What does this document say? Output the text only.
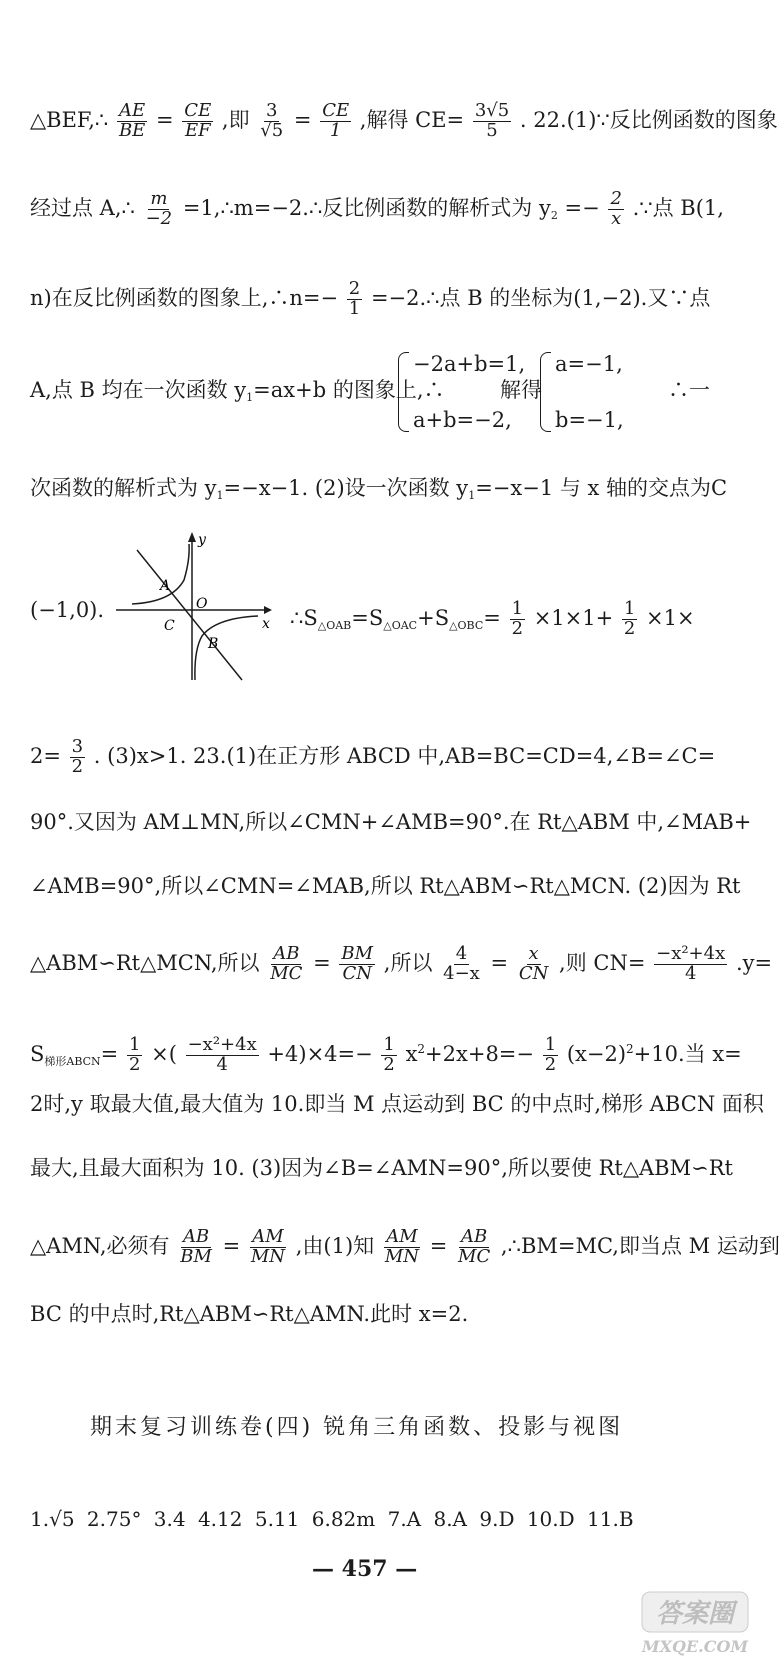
△BEF,∴ $\frac{AE}{BE} = \frac{CE}{EF}$ ,即 $\frac{3}{√5} = \frac{CE}{1}$ ,解得 $CE= \frac{3√5}{5}$ . 22.(1)∵反比例函数的图象
经过点 A,∴ $\frac{m}{-2}$ =1,∴m=−2.∴反比例函数的解析式为 $y_2 =- \frac{2}{x}$ .∵点 B(1,
n)在反比例函数的图象上,∴n=− $\frac{2}{1}$ =−2.∴点 B 的坐标为(1,−2).又∵点
A,点 B 均在一次函数 $y_1=ax+b$ 的图象上,∴
−2a+b=1,
a+b=−2,
解得
a=−1,
b=−1,
∴一
次函数的解析式为 $y_1=-x-1$. (2)设一次函数 $y_1=-x-1$ 与 x 轴的交点为C
y
x
A
O
C
B
(−1,0).	$\therefore S_{\triangle OAB}=S_{\triangle OAC}+S_{\triangle OBC}= \frac{1}{2} \times 1\times 1+ \frac{1}{2} \times 1\times$
$2= \frac{3}{2}$ . (3)x>1. 23.(1)在正方形 ABCD 中,AB=BC=CD=4,∠B=∠C=
90°.又因为 AM⊥MN,所以∠CMN+∠AMB=90°.在 Rt△ABM 中,∠MAB+
∠AMB=90°,所以∠CMN=∠MAB,所以 Rt△ABM∽Rt△MCN. (2)因为 Rt
△ABM∽Rt△MCN,所以 $\frac{AB}{MC} = \frac{BM}{CN}$ ,所以 $\frac{4}{4-x} = \frac{x}{CN}$ ,则 $CN= \frac{\text{−x²+4x}}{4} .y=$
$S_{梯形ABCN}= \frac{1}{2}$ ×( $\frac{\text{−x²+4x}}{4} +4)\times 4=- \frac{1}{2} x^2+2x+8=- \frac{1}{2} (x-2)^2+10$.当 x=
2时,y 取最大值,最大值为 10.即当 M 点运动到 BC 的中点时,梯形 ABCN 面积
最大,且最大面积为 10. (3)因为∠B=∠AMN=90°,所以要使 Rt△ABM∽Rt
△AMN,必须有 $\frac{AB}{BM} = \frac{AM}{MN}$ ,由(1)知 $\frac{AM}{MN} = \frac{AB}{MC}$ ,∴BM=MC,即当点 M 运动到
BC 的中点时,Rt△ABM∽Rt△AMN.此时 x=2.
期末复习训练卷(四) 锐角三角函数、投影与视图
1.√5 2.75° 3.4 4.12 5.11 6.82m 7.A 8.A 9.D 10.D 11.B
— 457 —
答案圈
MXQE.COM
